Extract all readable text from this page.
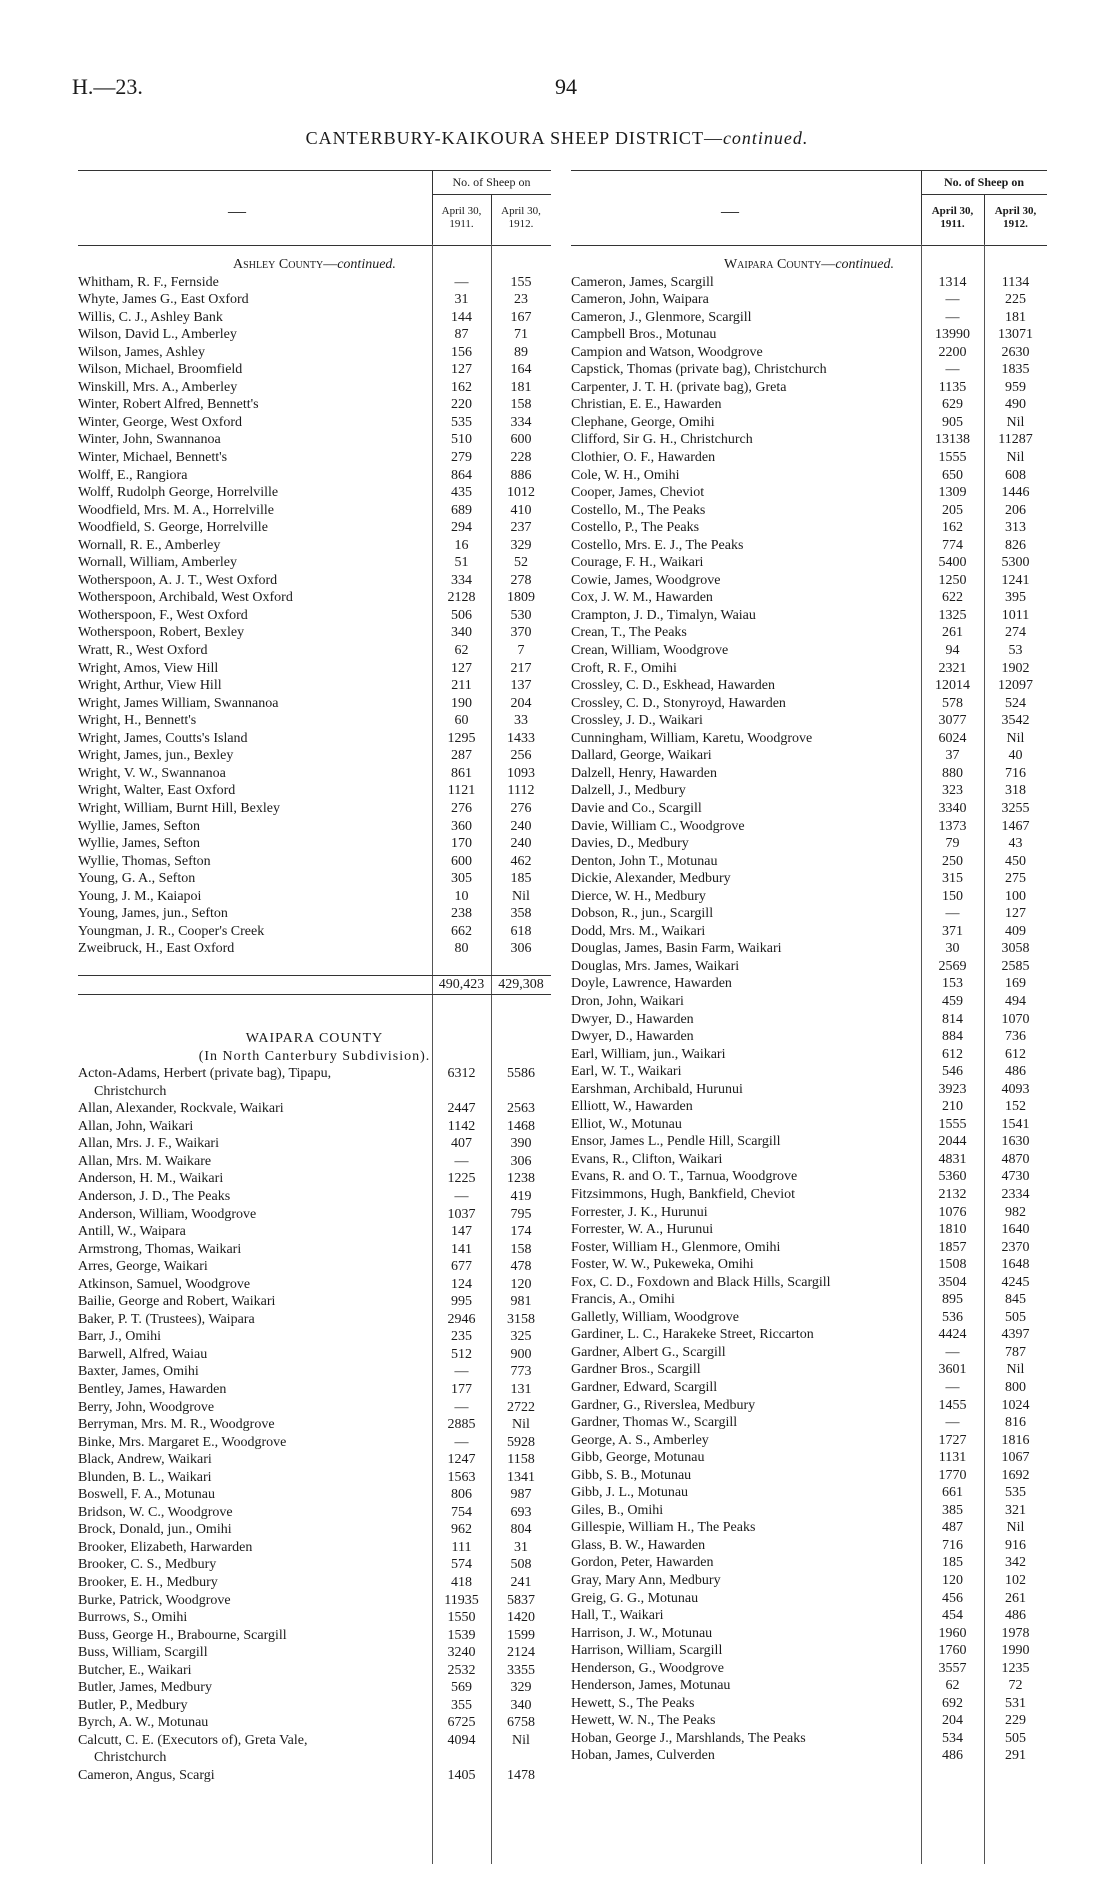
H.—23.	94
CANTERBURY-KAIKOURA SHEEP DISTRICT—continued.
—
No. of Sheep on
April 30, 1911.
April 30, 1912.
Ashley County—continued.
Whitham, R. F., Fernside	—	155
Whyte, James G., East Oxford	31	23
Willis, C. J., Ashley Bank	144	167
Wilson, David L., Amberley	87	71
Wilson, James, Ashley	156	89
Wilson, Michael, Broomfield	127	164
Winskill, Mrs. A., Amberley	162	181
Winter, Robert Alfred, Bennett's	220	158
Winter, George, West Oxford	535	334
Winter, John, Swannanoa	510	600
Winter, Michael, Bennett's	279	228
Wolff, E., Rangiora	864	886
Wolff, Rudolph George, Horrelville	435	1012
Woodfield, Mrs. M. A., Horrelville	689	410
Woodfield, S. George, Horrelville	294	237
Wornall, R. E., Amberley	16	329
Wornall, William, Amberley	51	52
Wotherspoon, A. J. T., West Oxford	334	278
Wotherspoon, Archibald, West Oxford	2128	1809
Wotherspoon, F., West Oxford	506	530
Wotherspoon, Robert, Bexley	340	370
Wratt, R., West Oxford	62	7
Wright, Amos, View Hill	127	217
Wright, Arthur, View Hill	211	137
Wright, James William, Swannanoa	190	204
Wright, H., Bennett's	60	33
Wright, James, Coutts's Island	1295	1433
Wright, James, jun., Bexley	287	256
Wright, V. W., Swannanoa	861	1093
Wright, Walter, East Oxford	1121	1112
Wright, William, Burnt Hill, Bexley	276	276
Wyllie, James, Sefton	360	240
Wyllie, James, Sefton	170	240
Wyllie, Thomas, Sefton	600	462
Young, G. A., Sefton	305	185
Young, J. M., Kaiapoi	10	Nil
Young, James, jun., Sefton	238	358
Youngman, J. R., Cooper's Creek	662	618
Zweibruck, H., East Oxford	80	306
490,423	429,308
WAIPARA COUNTY
(In North Canterbury Subdivision).
Acton-Adams, Herbert (private bag), Tipapu,	6312	5586
Christchurch
Allan, Alexander, Rockvale, Waikari	2447	2563
Allan, John, Waikari	1142	1468
Allan, Mrs. J. F., Waikari	407	390
Allan, Mrs. M. Waikare	—	306
Anderson, H. M., Waikari	1225	1238
Anderson, J. D., The Peaks	—	419
Anderson, William, Woodgrove	1037	795
Antill, W., Waipara	147	174
Armstrong, Thomas, Waikari	141	158
Arres, George, Waikari	677	478
Atkinson, Samuel, Woodgrove	124	120
Bailie, George and Robert, Waikari	995	981
Baker, P. T. (Trustees), Waipara	2946	3158
Barr, J., Omihi	235	325
Barwell, Alfred, Waiau	512	900
Baxter, James, Omihi	—	773
Bentley, James, Hawarden	177	131
Berry, John, Woodgrove	—	2722
Berryman, Mrs. M. R., Woodgrove	2885	Nil
Binke, Mrs. Margaret E., Woodgrove	—	5928
Black, Andrew, Waikari	1247	1158
Blunden, B. L., Waikari	1563	1341
Boswell, F. A., Motunau	806	987
Bridson, W. C., Woodgrove	754	693
Brock, Donald, jun., Omihi	962	804
Brooker, Elizabeth, Harwarden	111	31
Brooker, C. S., Medbury	574	508
Brooker, E. H., Medbury	418	241
Burke, Patrick, Woodgrove	11935	5837
Burrows, S., Omihi	1550	1420
Buss, George H., Brabourne, Scargill	1539	1599
Buss, William, Scargill	3240	2124
Butcher, E., Waikari	2532	3355
Butler, James, Medbury	569	329
Butler, P., Medbury	355	340
Byrch, A. W., Motunau	6725	6758
Calcutt, C. E. (Executors of), Greta Vale,	4094	Nil
Christchurch
Cameron, Angus, Scargi	1405	1478
—
No. of Sheep on
April 30, 1911.
April 30, 1912.
Waipara County—continued.
Cameron, James, Scargill	1314	1134
Cameron, John, Waipara	—	225
Cameron, J., Glenmore, Scargill	—	181
Campbell Bros., Motunau	13990	13071
Campion and Watson, Woodgrove	2200	2630
Capstick, Thomas (private bag), Christchurch	—	1835
Carpenter, J. T. H. (private bag), Greta	1135	959
Christian, E. E., Hawarden	629	490
Clephane, George, Omihi	905	Nil
Clifford, Sir G. H., Christchurch	13138	11287
Clothier, O. F., Hawarden	1555	Nil
Cole, W. H., Omihi	650	608
Cooper, James, Cheviot	1309	1446
Costello, M., The Peaks	205	206
Costello, P., The Peaks	162	313
Costello, Mrs. E. J., The Peaks	774	826
Courage, F. H., Waikari	5400	5300
Cowie, James, Woodgrove	1250	1241
Cox, J. W. M., Hawarden	622	395
Crampton, J. D., Timalyn, Waiau	1325	1011
Crean, T., The Peaks	261	274
Crean, William, Woodgrove	94	53
Croft, R. F., Omihi	2321	1902
Crossley, C. D., Eskhead, Hawarden	12014	12097
Crossley, C. D., Stonyroyd, Hawarden	578	524
Crossley, J. D., Waikari	3077	3542
Cunningham, William, Karetu, Woodgrove	6024	Nil
Dallard, George, Waikari	37	40
Dalzell, Henry, Hawarden	880	716
Dalzell, J., Medbury	323	318
Davie and Co., Scargill	3340	3255
Davie, William C., Woodgrove	1373	1467
Davies, D., Medbury	79	43
Denton, John T., Motunau	250	450
Dickie, Alexander, Medbury	315	275
Dierce, W. H., Medbury	150	100
Dobson, R., jun., Scargill	—	127
Dodd, Mrs. M., Waikari	371	409
Douglas, James, Basin Farm, Waikari	30	3058
Douglas, Mrs. James, Waikari	2569	2585
Doyle, Lawrence, Hawarden	153	169
Dron, John, Waikari	459	494
Dwyer, D., Hawarden	814	1070
Dwyer, D., Hawarden	884	736
Earl, William, jun., Waikari	612	612
Earl, W. T., Waikari	546	486
Earshman, Archibald, Hurunui	3923	4093
Elliott, W., Hawarden	210	152
Elliot, W., Motunau	1555	1541
Ensor, James L., Pendle Hill, Scargill	2044	1630
Evans, R., Clifton, Waikari	4831	4870
Evans, R. and O. T., Tarnua, Woodgrove	5360	4730
Fitzsimmons, Hugh, Bankfield, Cheviot	2132	2334
Forrester, J. K., Hurunui	1076	982
Forrester, W. A., Hurunui	1810	1640
Foster, William H., Glenmore, Omihi	1857	2370
Foster, W. W., Pukeweka, Omihi	1508	1648
Fox, C. D., Foxdown and Black Hills, Scargill	3504	4245
Francis, A., Omihi	895	845
Galletly, William, Woodgrove	536	505
Gardiner, L. C., Harakeke Street, Riccarton	4424	4397
Gardner, Albert G., Scargill	—	787
Gardner Bros., Scargill	3601	Nil
Gardner, Edward, Scargill	—	800
Gardner, G., Riverslea, Medbury	1455	1024
Gardner, Thomas W., Scargill	—	816
George, A. S., Amberley	1727	1816
Gibb, George, Motunau	1131	1067
Gibb, S. B., Motunau	1770	1692
Gibb, J. L., Motunau	661	535
Giles, B., Omihi	385	321
Gillespie, William H., The Peaks	487	Nil
Glass, B. W., Hawarden	716	916
Gordon, Peter, Hawarden	185	342
Gray, Mary Ann, Medbury	120	102
Greig, G. G., Motunau	456	261
Hall, T., Waikari	454	486
Harrison, J. W., Motunau	1960	1978
Harrison, William, Scargill	1760	1990
Henderson, G., Woodgrove	3557	1235
Henderson, James, Motunau	62	72
Hewett, S., The Peaks	692	531
Hewett, W. N., The Peaks	204	229
Hoban, George J., Marshlands, The Peaks	534	505
Hoban, James, Culverden	486	291
